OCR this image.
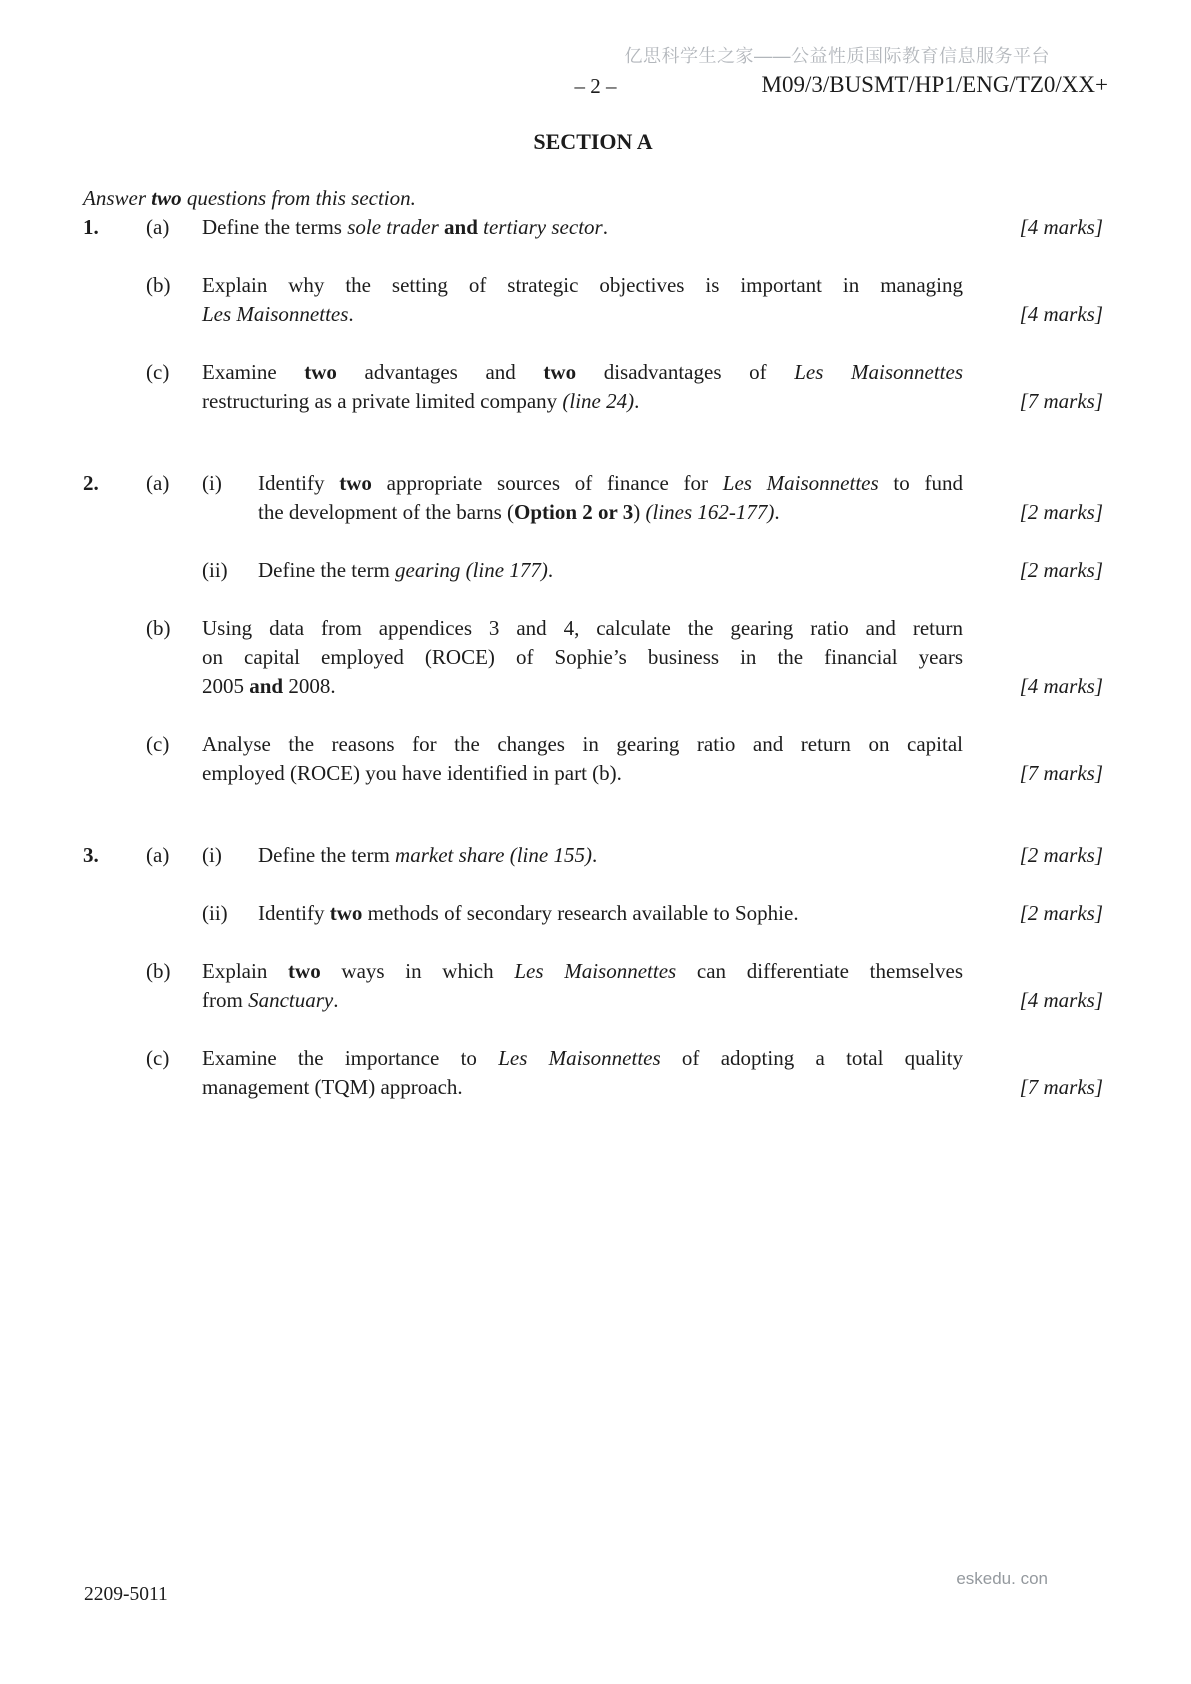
亿思科学生之家——公益性质国际教育信息服务平台
– 2 –	M09/3/BUSMT/HP1/ENG/TZ0/XX+
SECTION A
Answer two questions from this section.
1.	(a)	Define the terms sole trader and tertiary sector.	[4 marks]
(b)	Explain why the setting of strategic objectives is important in managing
Les Maisonnettes.	[4 marks]
(c)	Examine two advantages and two disadvantages of Les Maisonnettes
restructuring as a private limited company (line 24).	[7 marks]
2.	(a)	(i)	Identify two appropriate sources of finance for Les Maisonnettes to fund
the development of the barns (Option 2 or 3) (lines 162-177).	[2 marks]
(ii)	Define the term gearing (line 177).	[2 marks]
(b)	Using data from appendices 3 and 4, calculate the gearing ratio and return
on capital employed (ROCE) of Sophie’s business in the financial years
2005 and 2008.	[4 marks]
(c)	Analyse the reasons for the changes in gearing ratio and return on capital
employed (ROCE) you have identified in part (b).	[7 marks]
3.	(a)	(i)	Define the term market share (line 155).	[2 marks]
(ii)	Identify two methods of secondary research available to Sophie.	[2 marks]
(b)	Explain two ways in which Les Maisonnettes can differentiate themselves
from Sanctuary.	[4 marks]
(c)	Examine the importance to Les Maisonnettes of adopting a total quality
management (TQM) approach.	[7 marks]
2209-5011
eskedu. con
